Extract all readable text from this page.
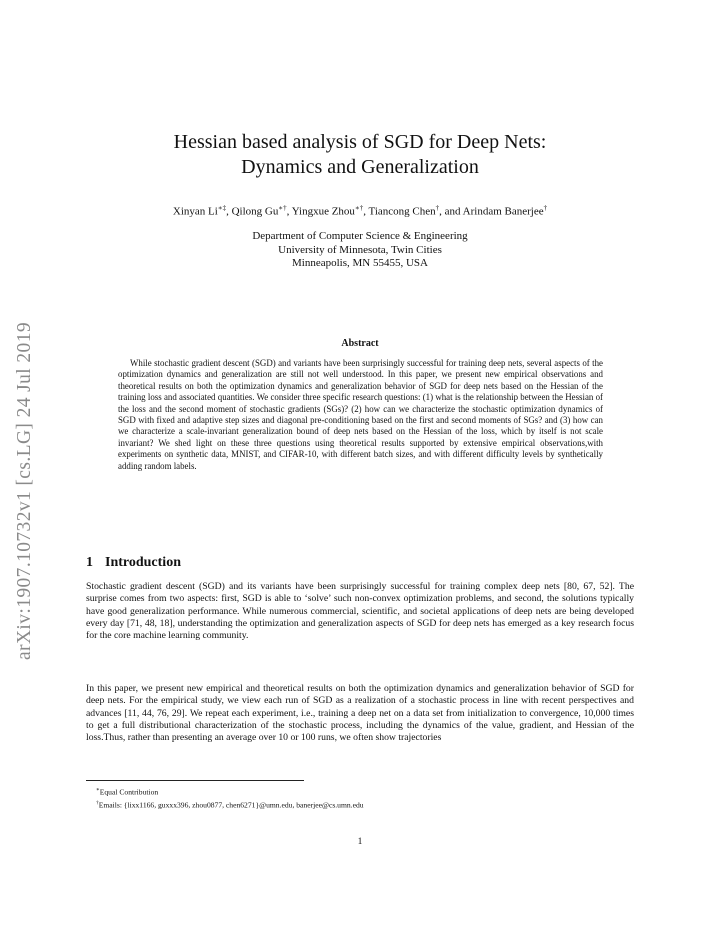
arXiv:1907.10732v1 [cs.LG] 24 Jul 2019
Hessian based analysis of SGD for Deep Nets:
Dynamics and Generalization
Xinyan Li∗‡, Qilong Gu∗†, Yingxue Zhou∗†, Tiancong Chen†, and Arindam Banerjee†
Department of Computer Science & Engineering
University of Minnesota, Twin Cities
Minneapolis, MN 55455, USA
Abstract
While stochastic gradient descent (SGD) and variants have been surprisingly successful for training deep nets, several aspects of the optimization dynamics and generalization are still not well understood. In this paper, we present new empirical observations and theoretical results on both the optimization dynamics and generalization behavior of SGD for deep nets based on the Hessian of the training loss and associated quantities. We consider three specific research questions: (1) what is the relationship between the Hessian of the loss and the second moment of stochastic gradients (SGs)? (2) how can we characterize the stochastic optimization dynamics of SGD with fixed and adaptive step sizes and diagonal pre-conditioning based on the first and second moments of SGs? and (3) how can we characterize a scale-invariant generalization bound of deep nets based on the Hessian of the loss, which by itself is not scale invariant? We shed light on these three questions using theoretical results supported by extensive empirical observations,with experiments on synthetic data, MNIST, and CIFAR-10, with different batch sizes, and with different difficulty levels by synthetically adding random labels.
1 Introduction
Stochastic gradient descent (SGD) and its variants have been surprisingly successful for training complex deep nets [80, 67, 52]. The surprise comes from two aspects: first, SGD is able to ‘solve’ such non-convex optimization problems, and second, the solutions typically have good generalization performance. While numerous commercial, scientific, and societal applications of deep nets are being developed every day [71, 48, 18], understanding the optimization and generalization aspects of SGD for deep nets has emerged as a key research focus for the core machine learning community.
In this paper, we present new empirical and theoretical results on both the optimization dynamics and generalization behavior of SGD for deep nets. For the empirical study, we view each run of SGD as a realization of a stochastic process in line with recent perspectives and advances [11, 44, 76, 29]. We repeat each experiment, i.e., training a deep net on a data set from initialization to convergence, 10,000 times to get a full distributional characterization of the stochastic process, including the dynamics of the value, gradient, and Hessian of the loss.Thus, rather than presenting an average over 10 or 100 runs, we often show trajectories
∗Equal Contribution
†Emails: {lixx1166, guxxx396, zhou0877, chen6271}@umn.edu, banerjee@cs.umn.edu
1
